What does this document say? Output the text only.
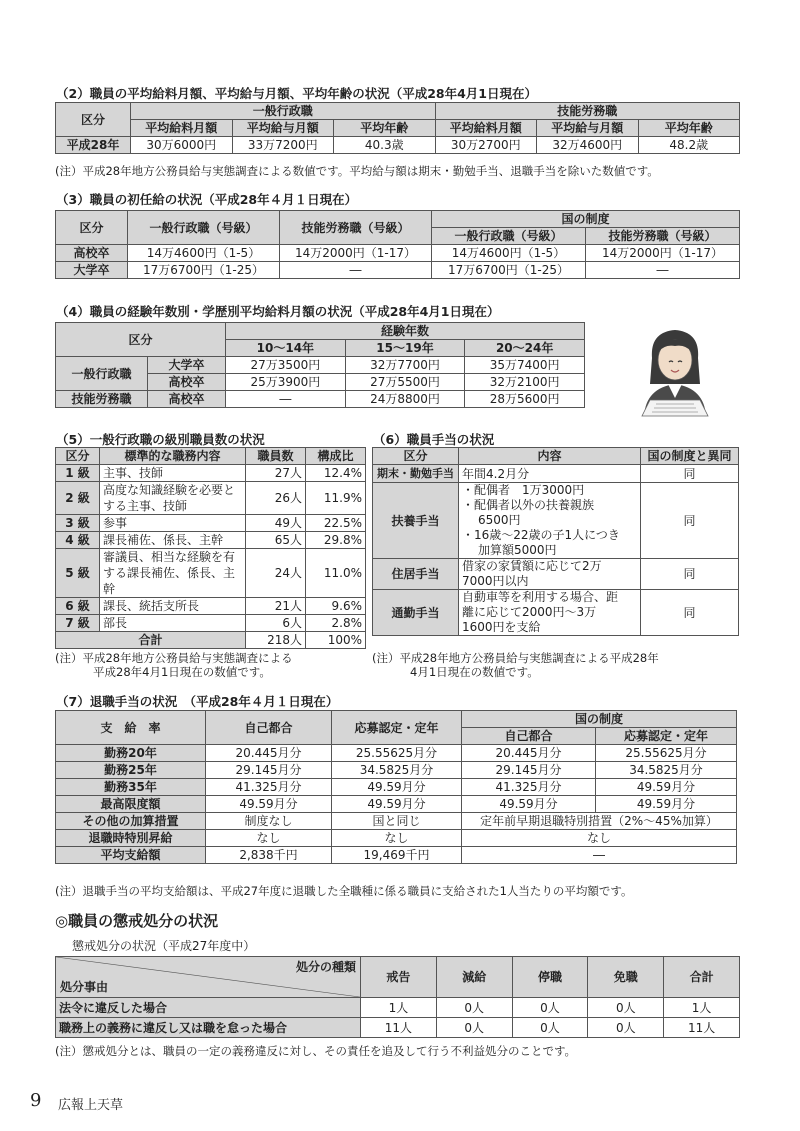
（2）職員の平均給料月額、平均給与月額、平均年齢の状況（平成28年4月1日現在）
区分	一般行政職			技能労務職		
	平均給料月額	平均給与月額	平均年齢	平均給料月額	平均給与月額	平均年齢
平成28年	30万6000円	33万7200円	40.3歳	30万2700円	32万4600円	48.2歳
(注）平成28年地方公務員給与実態調査による数値です。平均給与額は期末・勤勉手当、退職手当を除いた数値です。
（3）職員の初任給の状況（平成28年４月１日現在）
区分	一般行政職（号級）	技能労務職（号級）	国の制度	
			一般行政職（号級）	技能労務職（号級）
高校卒	14万4600円（1-5）	14万2000円（1-17）	14万4600円（1-5）	14万2000円（1-17）
大学卒	17万6700円（1-25）	―	17万6700円（1-25）	―
（4）職員の経験年数別・学歴別平均給料月額の状況（平成28年4月1日現在）
区分		経験年数		
		10～14年	15～19年	20～24年
一般行政職	大学卒	27万3500円	32万7700円	35万7400円
	高校卒	25万3900円	27万5500円	32万2100円
技能労務職	高校卒	―	24万8800円	28万5600円
（5）一般行政職の級別職員数の状況
区分	標準的な職務内容	職員数	構成比
1 級	主事、技師	27人	12.4%
2 級	高度な知識経験を必要とする主事、技師	26人	11.9%
3 級	参事	49人	22.5%
4 級	課長補佐、係長、主幹	65人	29.8%
5 級	審議員、相当な経験を有する課長補佐、係長、主幹	24人	11.0%
6 級	課長、統括支所長	21人	9.6%
7 級	部長	6人	2.8%
合計		218人	100%
(注）平成28年地方公務員給与実態調査による
平成28年4月1日現在の数値です。
（6）職員手当の状況
区分	内容	国の制度と異同
期末・勤勉手当	年間4.2月分	同
扶養手当	・配偶者　1万3000円
・配偶者以外の扶養親族
6500円
・16歳～22歳の子1人につき
加算額5000円	同
住居手当	借家の家賃額に応じて2万
7000円以内	同
通勤手当	自動車等を利用する場合、距
離に応じて2000円～3万
1600円を支給	同
(注）平成28年地方公務員給与実態調査による平成28年
4月1日現在の数値です。
（7）退職手当の状況　（平成28年４月１日現在）
支　給　率	自己都合	応募認定・定年	国の制度	
			自己都合	応募認定・定年
勤務20年	20.445月分	25.55625月分	20.445月分	25.55625月分
勤務25年	29.145月分	34.5825月分	29.145月分	34.5825月分
勤務35年	41.325月分	49.59月分	41.325月分	49.59月分
最高限度額	49.59月分	49.59月分	49.59月分	49.59月分
その他の加算措置	制度なし	国と同じ	定年前早期退職特別措置（2%～45%加算）	
退職時特別昇給	なし	なし	なし	
平均支給額	2,838千円	19,469千円	―	
(注）退職手当の平均支給額は、平成27年度に退職した全職種に係る職員に支給された1人当たりの平均額です。
◎職員の懲戒処分の状況
懲戒処分の状況（平成27年度中）
処分の種類
処分事由	戒告	減給	停職	免職	合計
法令に違反した場合	1人	0人	0人	0人	1人
職務上の義務に違反し又は職を怠った場合	11人	0人	0人	0人	11人
(注）懲戒処分とは、職員の一定の義務違反に対し、その責任を追及して行う不利益処分のことです。
9 広報上天草
